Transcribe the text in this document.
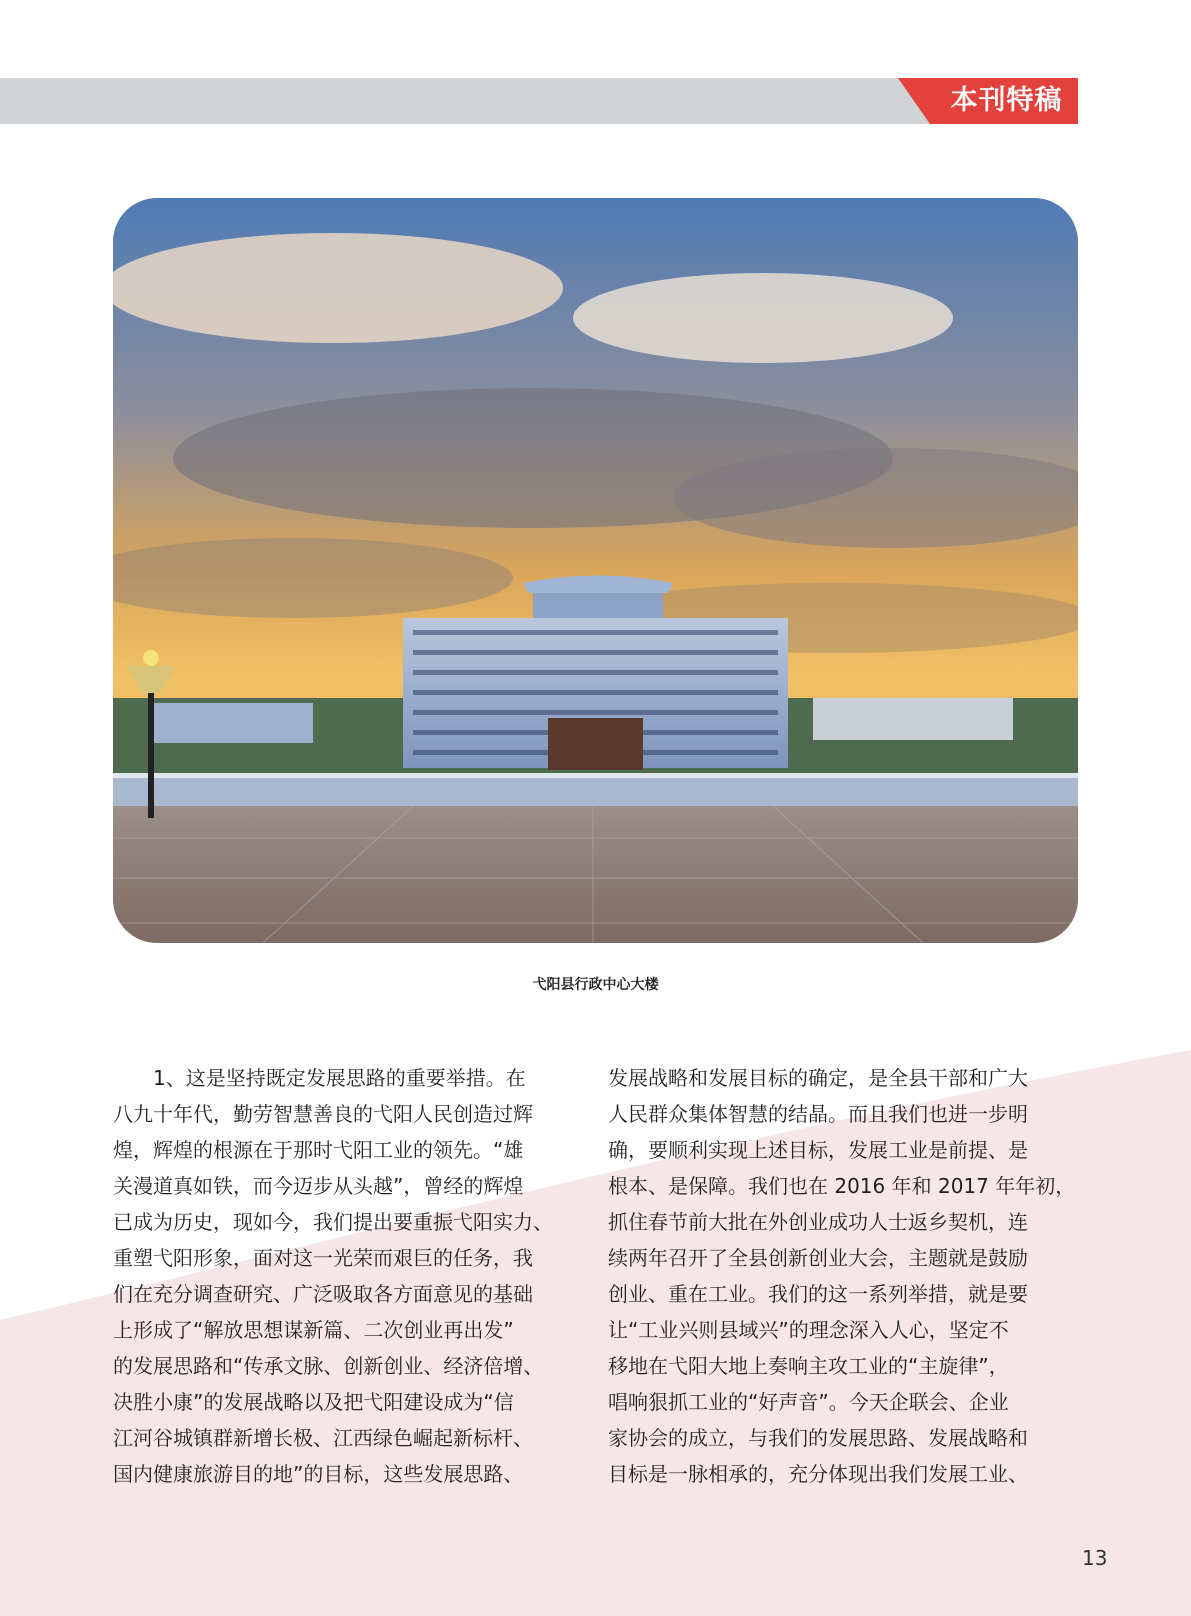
本刊特稿
弋阳县行政中心大楼
1、这是坚持既定发展思路的重要举措。在
八九十年代，勤劳智慧善良的弋阳人民创造过辉
煌，辉煌的根源在于那时弋阳工业的领先。“雄
关漫道真如铁，而今迈步从头越”，曾经的辉煌
已成为历史，现如今，我们提出要重振弋阳实力、
重塑弋阳形象，面对这一光荣而艰巨的任务，我
们在充分调查研究、广泛吸取各方面意见的基础
上形成了“解放思想谋新篇、二次创业再出发”
的发展思路和“传承文脉、创新创业、经济倍增、
决胜小康”的发展战略以及把弋阳建设成为“信
江河谷城镇群新增长极、江西绿色崛起新标杆、
国内健康旅游目的地”的目标，这些发展思路、
发展战略和发展目标的确定，是全县干部和广大
人民群众集体智慧的结晶。而且我们也进一步明
确，要顺利实现上述目标，发展工业是前提、是
根本、是保障。我们也在 2016 年和 2017 年年初，
抓住春节前大批在外创业成功人士返乡契机，连
续两年召开了全县创新创业大会，主题就是鼓励
创业、重在工业。我们的这一系列举措，就是要
让“工业兴则县域兴”的理念深入人心，坚定不
移地在弋阳大地上奏响主攻工业的“主旋律”，
唱响狠抓工业的“好声音”。今天企联会、企业
家协会的成立，与我们的发展思路、发展战略和
目标是一脉相承的，充分体现出我们发展工业、
13
